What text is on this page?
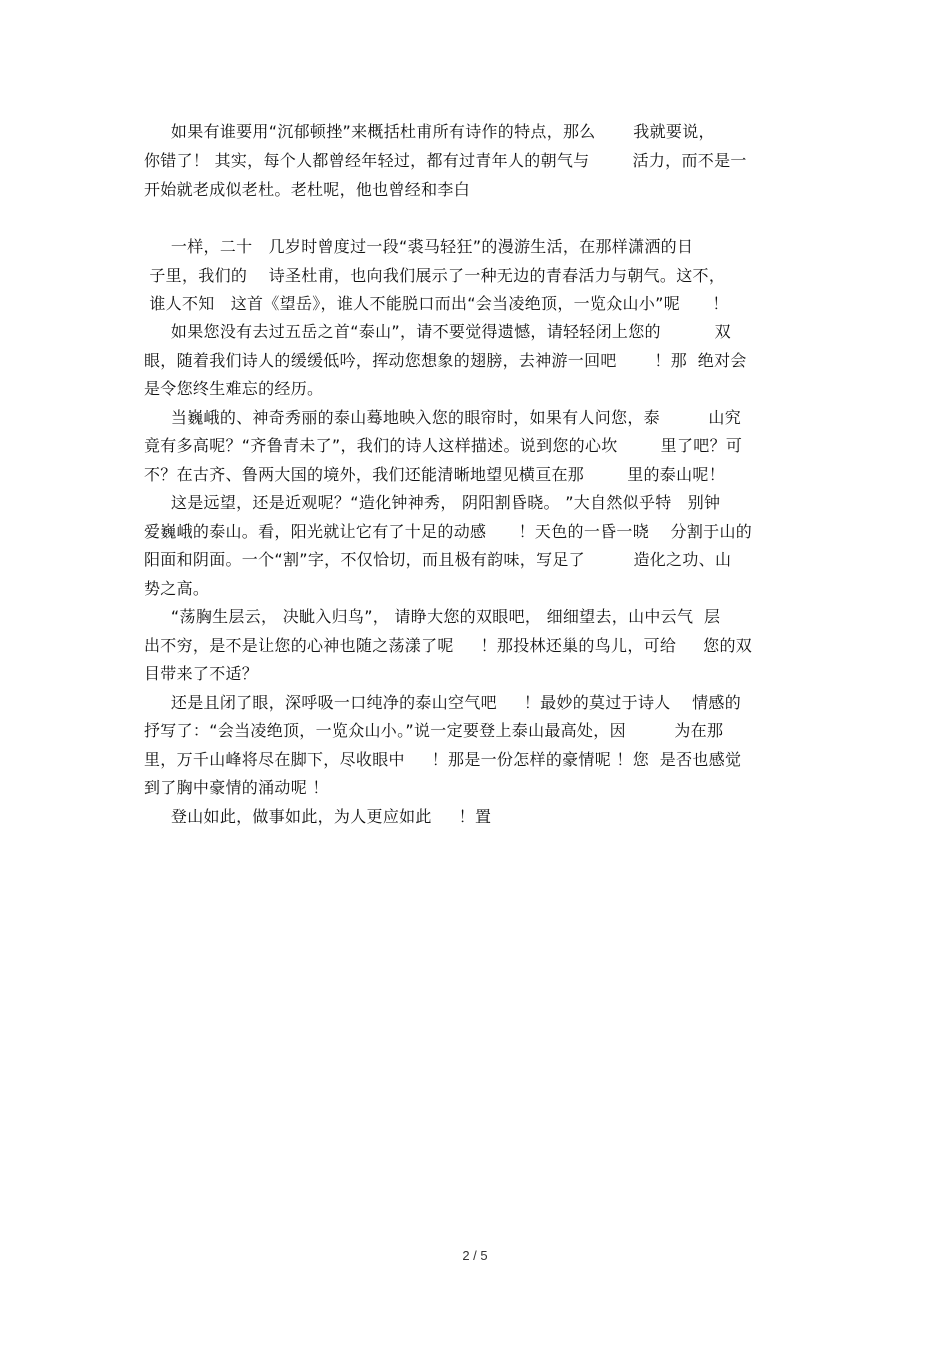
如果有谁要用“沉郁顿挫”来概括杜甫所有诗作的特点，那么       我就要说，
你错了！ 其实，每个人都曾经年轻过，都有过青年人的朝气与        活力，而不是一
开始就老成似老杜。老杜呢，他也曾经和李白
一样，二十   几岁时曾度过一段“裘马轻狂”的漫游生活，在那样潇洒的日
子里，我们的    诗圣杜甫，也向我们展示了一种无边的青春活力与朝气。这不，
谁人不知   这首《望岳》，谁人不能脱口而出“会当凌绝顶，一览众山小”呢      ！
如果您没有去过五岳之首“泰山”，请不要觉得遗憾，请轻轻闭上您的          双
眼，随着我们诗人的缓缓低吟，挥动您想象的翅膀，去神游一回吧       ！那  绝对会
是令您终生难忘的经历。
当巍峨的、神奇秀丽的泰山蓦地映入您的眼帘时，如果有人问您，泰         山究
竟有多高呢？“齐鲁青未了”，我们的诗人这样描述。说到您的心坎        里了吧？可
不？在古齐、鲁两大国的境外，我们还能清晰地望见横亘在那        里的泰山呢！
这是远望，还是近观呢？“造化钟神秀， 阴阳割昏晓。 ”大自然似乎特   别钟
爱巍峨的泰山。看，阳光就让它有了十足的动感      ！天色的一昏一晓    分割于山的
阳面和阴面。一个“割”字，不仅恰切，而且极有韵味，写足了         造化之功、山
势之高。
“荡胸生层云， 决眦入归鸟”， 请睁大您的双眼吧， 细细望去，山中云气  层
出不穷，是不是让您的心神也随之荡漾了呢     ！那投林还巢的鸟儿，可给     您的双
目带来了不适？
还是且闭了眼，深呼吸一口纯净的泰山空气吧     ！最妙的莫过于诗人    情感的
抒写了：“会当凌绝顶，一览众山小。”说一定要登上泰山最高处，因         为在那
里，万千山峰将尽在脚下，尽收眼中     ！那是一份怎样的豪情呢 ！您  是否也感觉
到了胸中豪情的涌动呢 ！
登山如此，做事如此，为人更应如此     ！置
2 / 5
